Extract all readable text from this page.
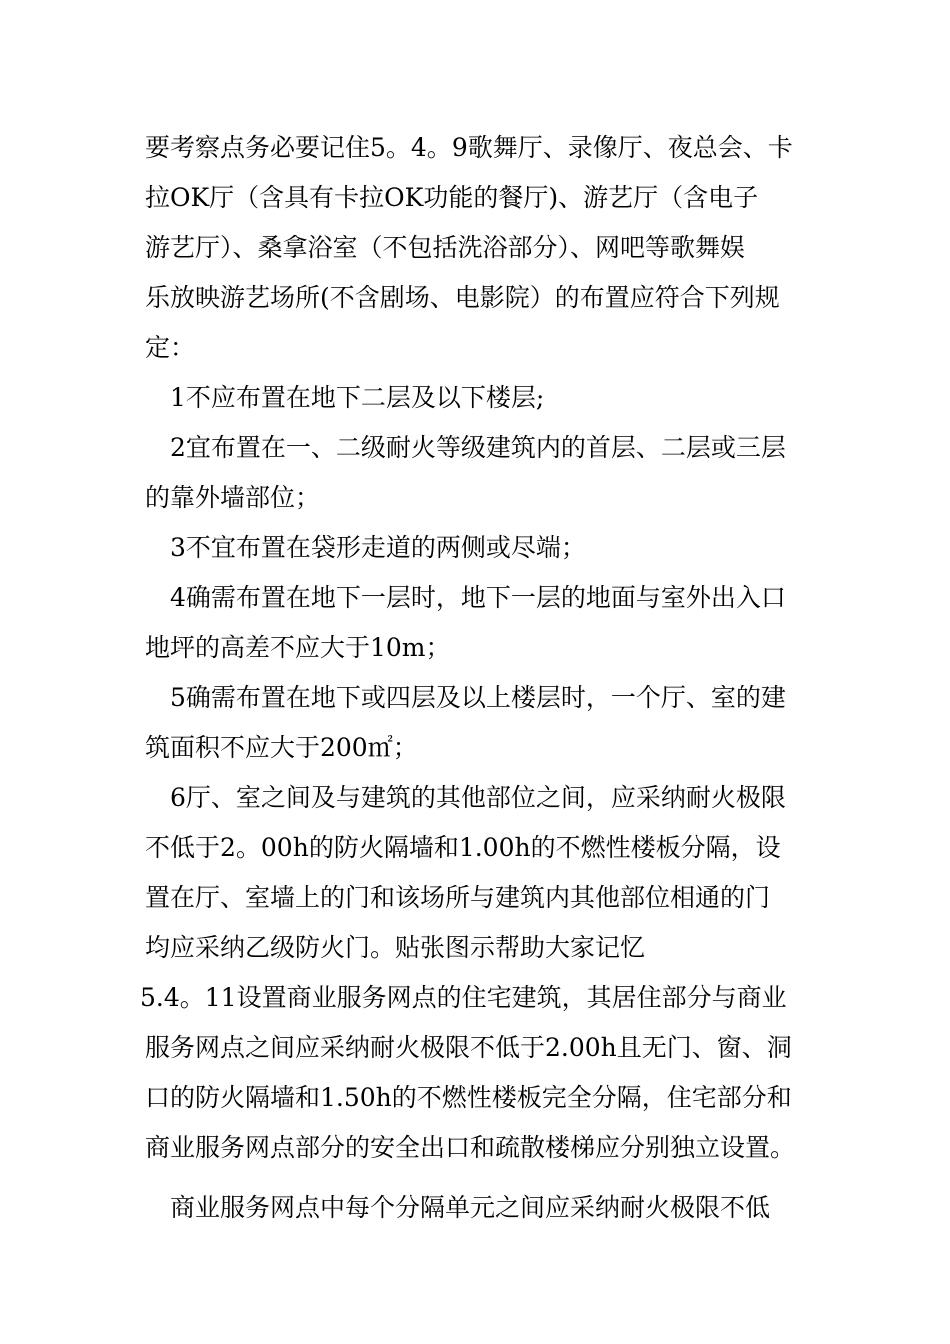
要考察点务必要记住5。4。9歌舞厅、录像厅、夜总会、卡
拉OK厅（含具有卡拉OK功能的餐厅)、游艺厅（含电子
游艺厅）、桑拿浴室（不包括洗浴部分）、网吧等歌舞娱
乐放映游艺场所(不含剧场、电影院）的布置应符合下列规
定：
1不应布置在地下二层及以下楼层;
2宜布置在一、二级耐火等级建筑内的首层、二层或三层
的靠外墙部位；
3不宜布置在袋形走道的两侧或尽端；
4确需布置在地下一层时，地下一层的地面与室外出入口
地坪的高差不应大于10m；
5确需布置在地下或四层及以上楼层时，一个厅、室的建
筑面积不应大于200㎡；
6厅、室之间及与建筑的其他部位之间，应采纳耐火极限
不低于2。00h的防火隔墙和1.00h的不燃性楼板分隔，设
置在厅、室墙上的门和该场所与建筑内其他部位相通的门
均应采纳乙级防火门。贴张图示帮助大家记忆
5.4。11设置商业服务网点的住宅建筑，其居住部分与商业
服务网点之间应采纳耐火极限不低于2.00h且无门、窗、洞
口的防火隔墙和1.50h的不燃性楼板完全分隔，住宅部分和
商业服务网点部分的安全出口和疏散楼梯应分别独立设置。
商业服务网点中每个分隔单元之间应采纳耐火极限不低
